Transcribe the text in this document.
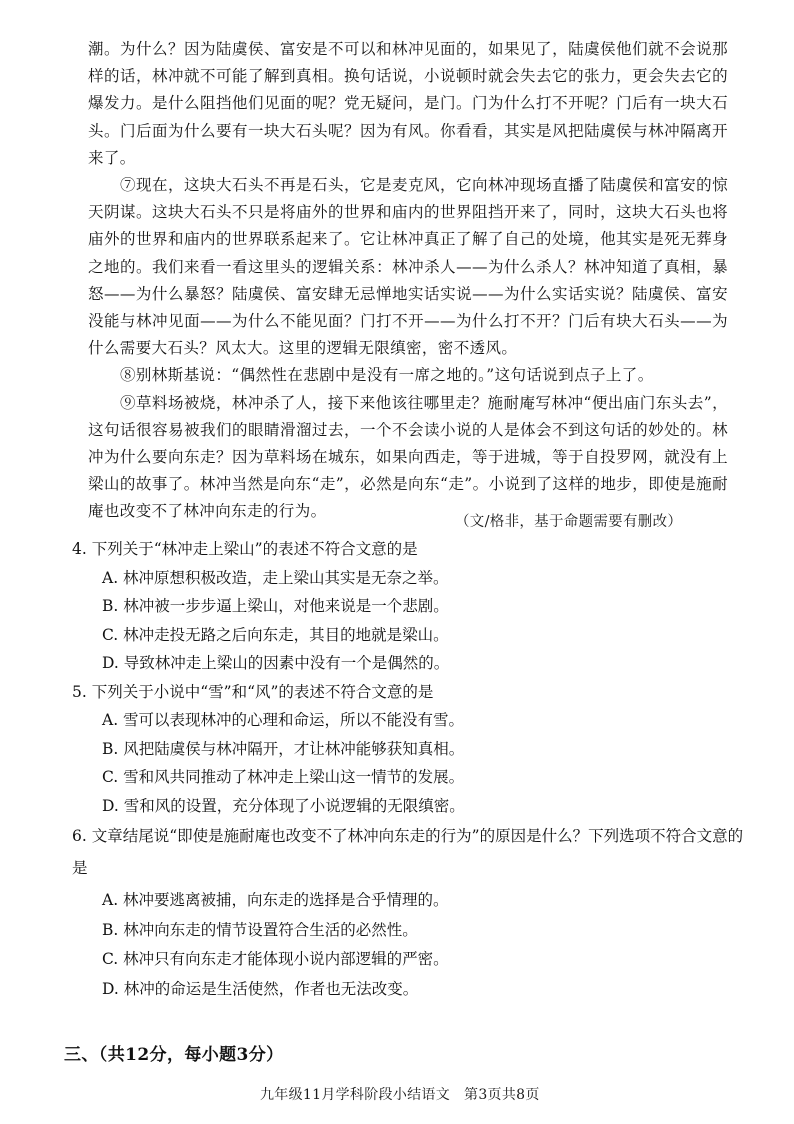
潮。为什么？因为陆虞侯、富安是不可以和林冲见面的，如果见了，陆虞侯他们就不会说那样的话，林冲就不可能了解到真相。换句话说，小说顿时就会失去它的张力，更会失去它的爆发力。是什么阻挡他们见面的呢？党无疑问，是门。门为什么打不开呢？门后有一块大石头。门后面为什么要有一块大石头呢？因为有风。你看看，其实是风把陆虞侯与林冲隔离开来了。

⑦现在，这块大石头不再是石头，它是麦克风，它向林冲现场直播了陆虞侯和富安的惊天阴谋。这块大石头不只是将庙外的世界和庙内的世界阻挡开来了，同时，这块大石头也将庙外的世界和庙内的世界联系起来了。它让林冲真正了解了自己的处境，他其实是死无葬身之地的。我们来看一看这里头的逻辑关系：林冲杀人——为什么杀人？林冲知道了真相，暴怒——为什么暴怒？陆虞侯、富安肆无忌惮地实话实说——为什么实话实说？陆虞侯、富安没能与林冲见面——为什么不能见面？门打不开——为什么打不开？门后有块大石头——为什么需要大石头？风太大。这里的逻辑无限缜密，密不透风。

⑧别林斯基说：“偶然性在悲剧中是没有一席之地的。”这句话说到点子上了。

⑨草料场被烧，林冲杀了人，接下来他该往哪里走？施耐庵写林冲“便出庙门东头去”，这句话很容易被我们的眼睛滑溜过去，一个不会读小说的人是体会不到这句话的妙处的。林冲为什么要向东走？因为草料场在城东，如果向西走，等于进城，等于自投罗网，就没有上梁山的故事了。林冲当然是向东“走”，必然是向东“走”。小说到了这样的地步，即使是施耐庵也改变不了林冲向东走的行为。

（文/格非，基于命题需要有删改）

4. 下列关于“林冲走上梁山”的表述不符合文意的是

A. 林冲原想积极改造，走上梁山其实是无奈之举。

B. 林冲被一步步逼上梁山，对他来说是一个悲剧。

C. 林冲走投无路之后向东走，其目的地就是梁山。

D. 导致林冲走上梁山的因素中没有一个是偶然的。

5. 下列关于小说中“雪”和“风”的表述不符合文意的是

A. 雪可以表现林冲的心理和命运，所以不能没有雪。

B. 风把陆虞侯与林冲隔开，才让林冲能够获知真相。

C. 雪和风共同推动了林冲走上梁山这一情节的发展。

D. 雪和风的设置，充分体现了小说逻辑的无限缜密。

6. 文章结尾说“即使是施耐庵也改变不了林冲向东走的行为”的原因是什么？下列选项不符合文意的是

A. 林冲要逃离被捕，向东走的选择是合乎情理的。

B. 林冲向东走的情节设置符合生活的必然性。

C. 林冲只有向东走才能体现小说内部逻辑的严密。

D. 林冲的命运是生活使然，作者也无法改变。

三、（共12分，每小题3分）
九年级11月学科阶段小结语文 第3页共8页
